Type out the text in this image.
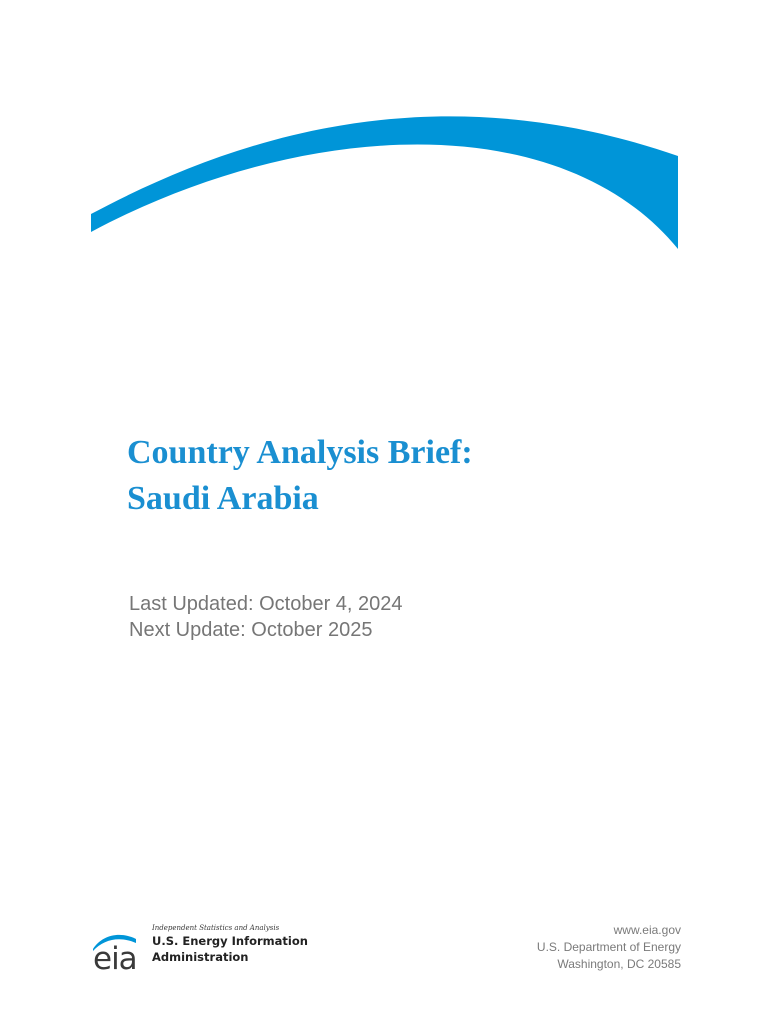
Country Analysis Brief:
Saudi Arabia
Last Updated: October 4, 2024
Next Update: October 2025
eia
Independent Statistics and Analysis
U.S. Energy Information
Administration
www.eia.gov
U.S. Department of Energy
Washington, DC 20585
